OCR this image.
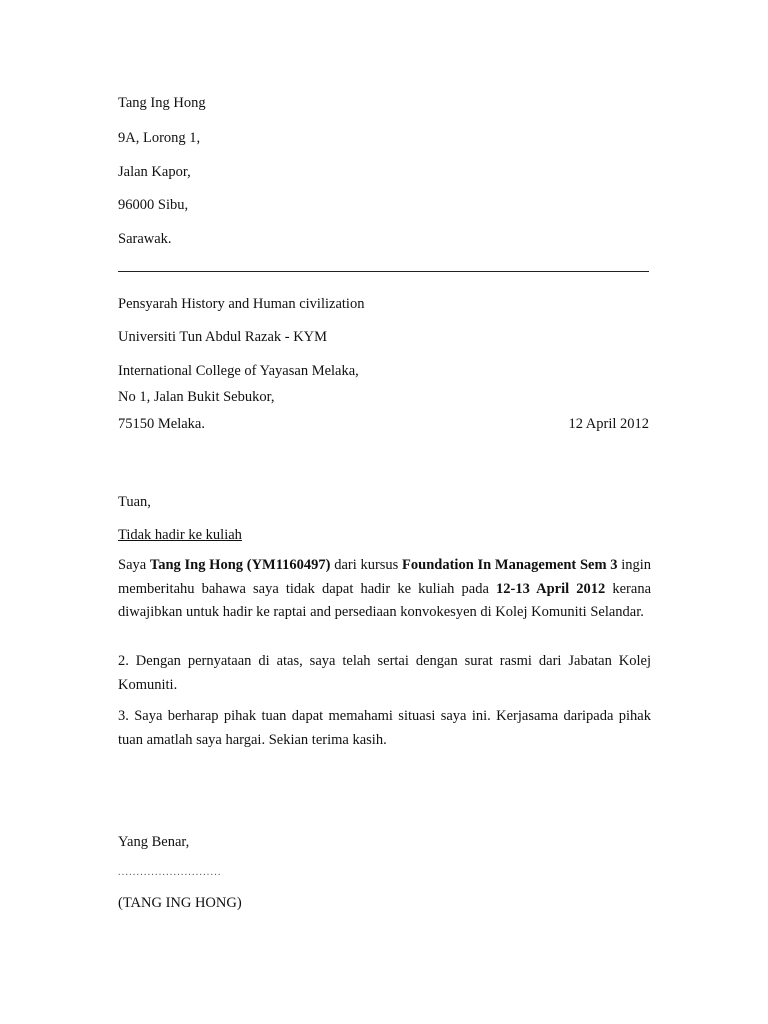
Tang Ing Hong
9A, Lorong 1,
Jalan Kapor,
96000 Sibu,
Sarawak.
Pensyarah History and Human civilization
Universiti Tun Abdul Razak - KYM
International College of Yayasan Melaka,
No 1, Jalan Bukit Sebukor,
75150 Melaka.	12 April 2012
Tuan,
Tidak hadir ke kuliah
Saya Tang Ing Hong (YM1160497) dari kursus Foundation In Management Sem 3 ingin memberitahu bahawa saya tidak dapat hadir ke kuliah pada 12-13 April 2012 kerana diwajibkan untuk hadir ke raptai and persediaan konvokesyen di Kolej Komuniti Selandar.
2. Dengan pernyataan di atas, saya telah sertai dengan surat rasmi dari Jabatan Kolej Komuniti.
3. Saya berharap pihak tuan dapat memahami situasi saya ini. Kerjasama daripada pihak tuan amatlah saya hargai. Sekian terima kasih.
Yang Benar,
............................
(TANG ING HONG)
